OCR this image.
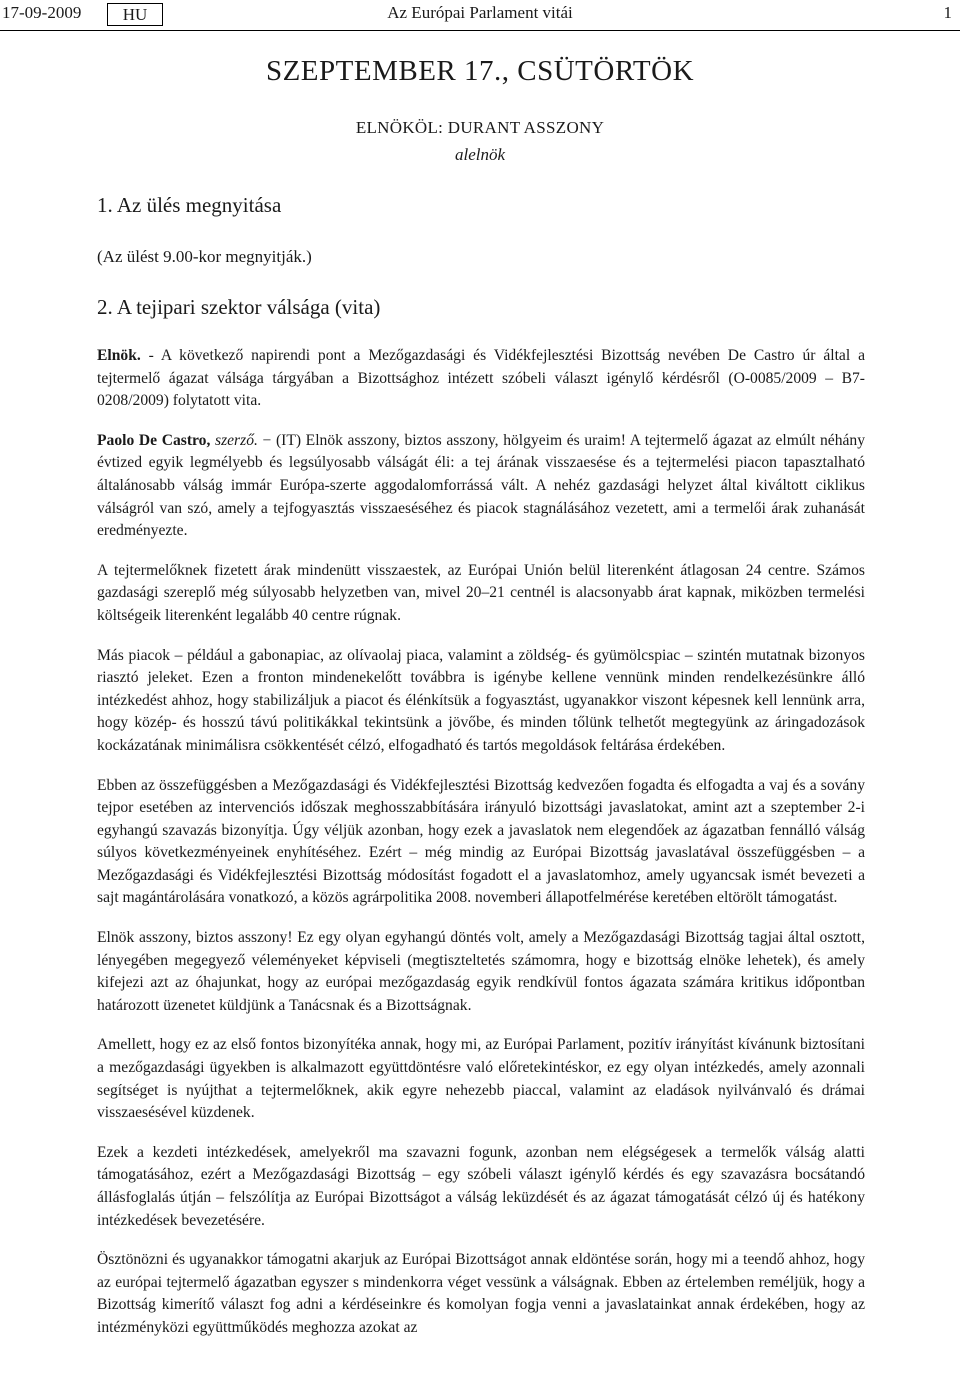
17-09-2009	HU	Az Európai Parlament vitái	1
SZEPTEMBER 17., CSÜTÖRTÖK
ELNÖKÖL: DURANT ASSZONY
alelnök
1. Az ülés megnyitása
(Az ülést 9.00-kor megnyitják.)
2. A tejipari szektor válsága (vita)

Elnök. - A következő napirendi pont a Mezőgazdasági és Vidékfejlesztési Bizottság nevében De Castro úr által a tejtermelő ágazat válsága tárgyában a Bizottsághoz intézett szóbeli választ igénylő kérdésről (O-0085/2009 – B7-0208/2009) folytatott vita.

Paolo De Castro, szerző. − (IT) Elnök asszony, biztos asszony, hölgyeim és uraim! A tejtermelő ágazat az elmúlt néhány évtized egyik legmélyebb és legsúlyosabb válságát éli: a tej árának visszaesése és a tejtermelési piacon tapasztalható általánosabb válság immár Európa-szerte aggodalomforrássá vált. A nehéz gazdasági helyzet által kiváltott ciklikus válságról van szó, amely a tejfogyasztás visszaeséséhez és piacok stagnálásához vezetett, ami a termelői árak zuhanását eredményezte.

A tejtermelőknek fizetett árak mindenütt visszaestek, az Európai Unión belül literenként átlagosan 24 centre. Számos gazdasági szereplő még súlyosabb helyzetben van, mivel 20–21 centnél is alacsonyabb árat kapnak, miközben termelési költségeik literenként legalább 40 centre rúgnak.

Más piacok – például a gabonapiac, az olívaolaj piaca, valamint a zöldség- és gyümölcspiac – szintén mutatnak bizonyos riasztó jeleket. Ezen a fronton mindenekelőtt továbbra is igénybe kellene vennünk minden rendelkezésünkre álló intézkedést ahhoz, hogy stabilizáljuk a piacot és élénkítsük a fogyasztást, ugyanakkor viszont képesnek kell lennünk arra, hogy közép- és hosszú távú politikákkal tekintsünk a jövőbe, és minden tőlünk telhetőt megtegyünk az áringadozások kockázatának minimálisra csökkentését célzó, elfogadható és tartós megoldások feltárása érdekében.

Ebben az összefüggésben a Mezőgazdasági és Vidékfejlesztési Bizottság kedvezően fogadta és elfogadta a vaj és a sovány tejpor esetében az intervenciós időszak meghosszabbítására irányuló bizottsági javaslatokat, amint azt a szeptember 2-i egyhangú szavazás bizonyítja. Úgy véljük azonban, hogy ezek a javaslatok nem elegendőek az ágazatban fennálló válság súlyos következményeinek enyhítéséhez. Ezért – még mindig az Európai Bizottság javaslatával összefüggésben – a Mezőgazdasági és Vidékfejlesztési Bizottság módosítást fogadott el a javaslatomhoz, amely ugyancsak ismét bevezeti a sajt magántárolására vonatkozó, a közös agrárpolitika 2008. novemberi állapotfelmérése keretében eltörölt támogatást.

Elnök asszony, biztos asszony! Ez egy olyan egyhangú döntés volt, amely a Mezőgazdasági Bizottság tagjai által osztott, lényegében megegyező véleményeket képviseli (megtiszteltetés számomra, hogy e bizottság elnöke lehetek), és amely kifejezi azt az óhajunkat, hogy az európai mezőgazdaság egyik rendkívül fontos ágazata számára kritikus időpontban határozott üzenetet küldjünk a Tanácsnak és a Bizottságnak.

Amellett, hogy ez az első fontos bizonyítéka annak, hogy mi, az Európai Parlament, pozitív irányítást kívánunk biztosítani a mezőgazdasági ügyekben is alkalmazott együttdöntésre való előretekintéskor, ez egy olyan intézkedés, amely azonnali segítséget is nyújthat a tejtermelőknek, akik egyre nehezebb piaccal, valamint az eladások nyilvánvaló és drámai visszaesésével küzdenek.

Ezek a kezdeti intézkedések, amelyekről ma szavazni fogunk, azonban nem elégségesek a termelők válság alatti támogatásához, ezért a Mezőgazdasági Bizottság – egy szóbeli választ igénylő kérdés és egy szavazásra bocsátandó állásfoglalás útján – felszólítja az Európai Bizottságot a válság leküzdését és az ágazat támogatását célzó új és hatékony intézkedések bevezetésére.

Ösztönözni és ugyanakkor támogatni akarjuk az Európai Bizottságot annak eldöntése során, hogy mi a teendő ahhoz, hogy az európai tejtermelő ágazatban egyszer s mindenkorra véget vessünk a válságnak. Ebben az értelemben reméljük, hogy a Bizottság kimerítő választ fog adni a kérdéseinkre és komolyan fogja venni a javaslatainkat annak érdekében, hogy az intézményközi együttműködés meghozza azokat az
